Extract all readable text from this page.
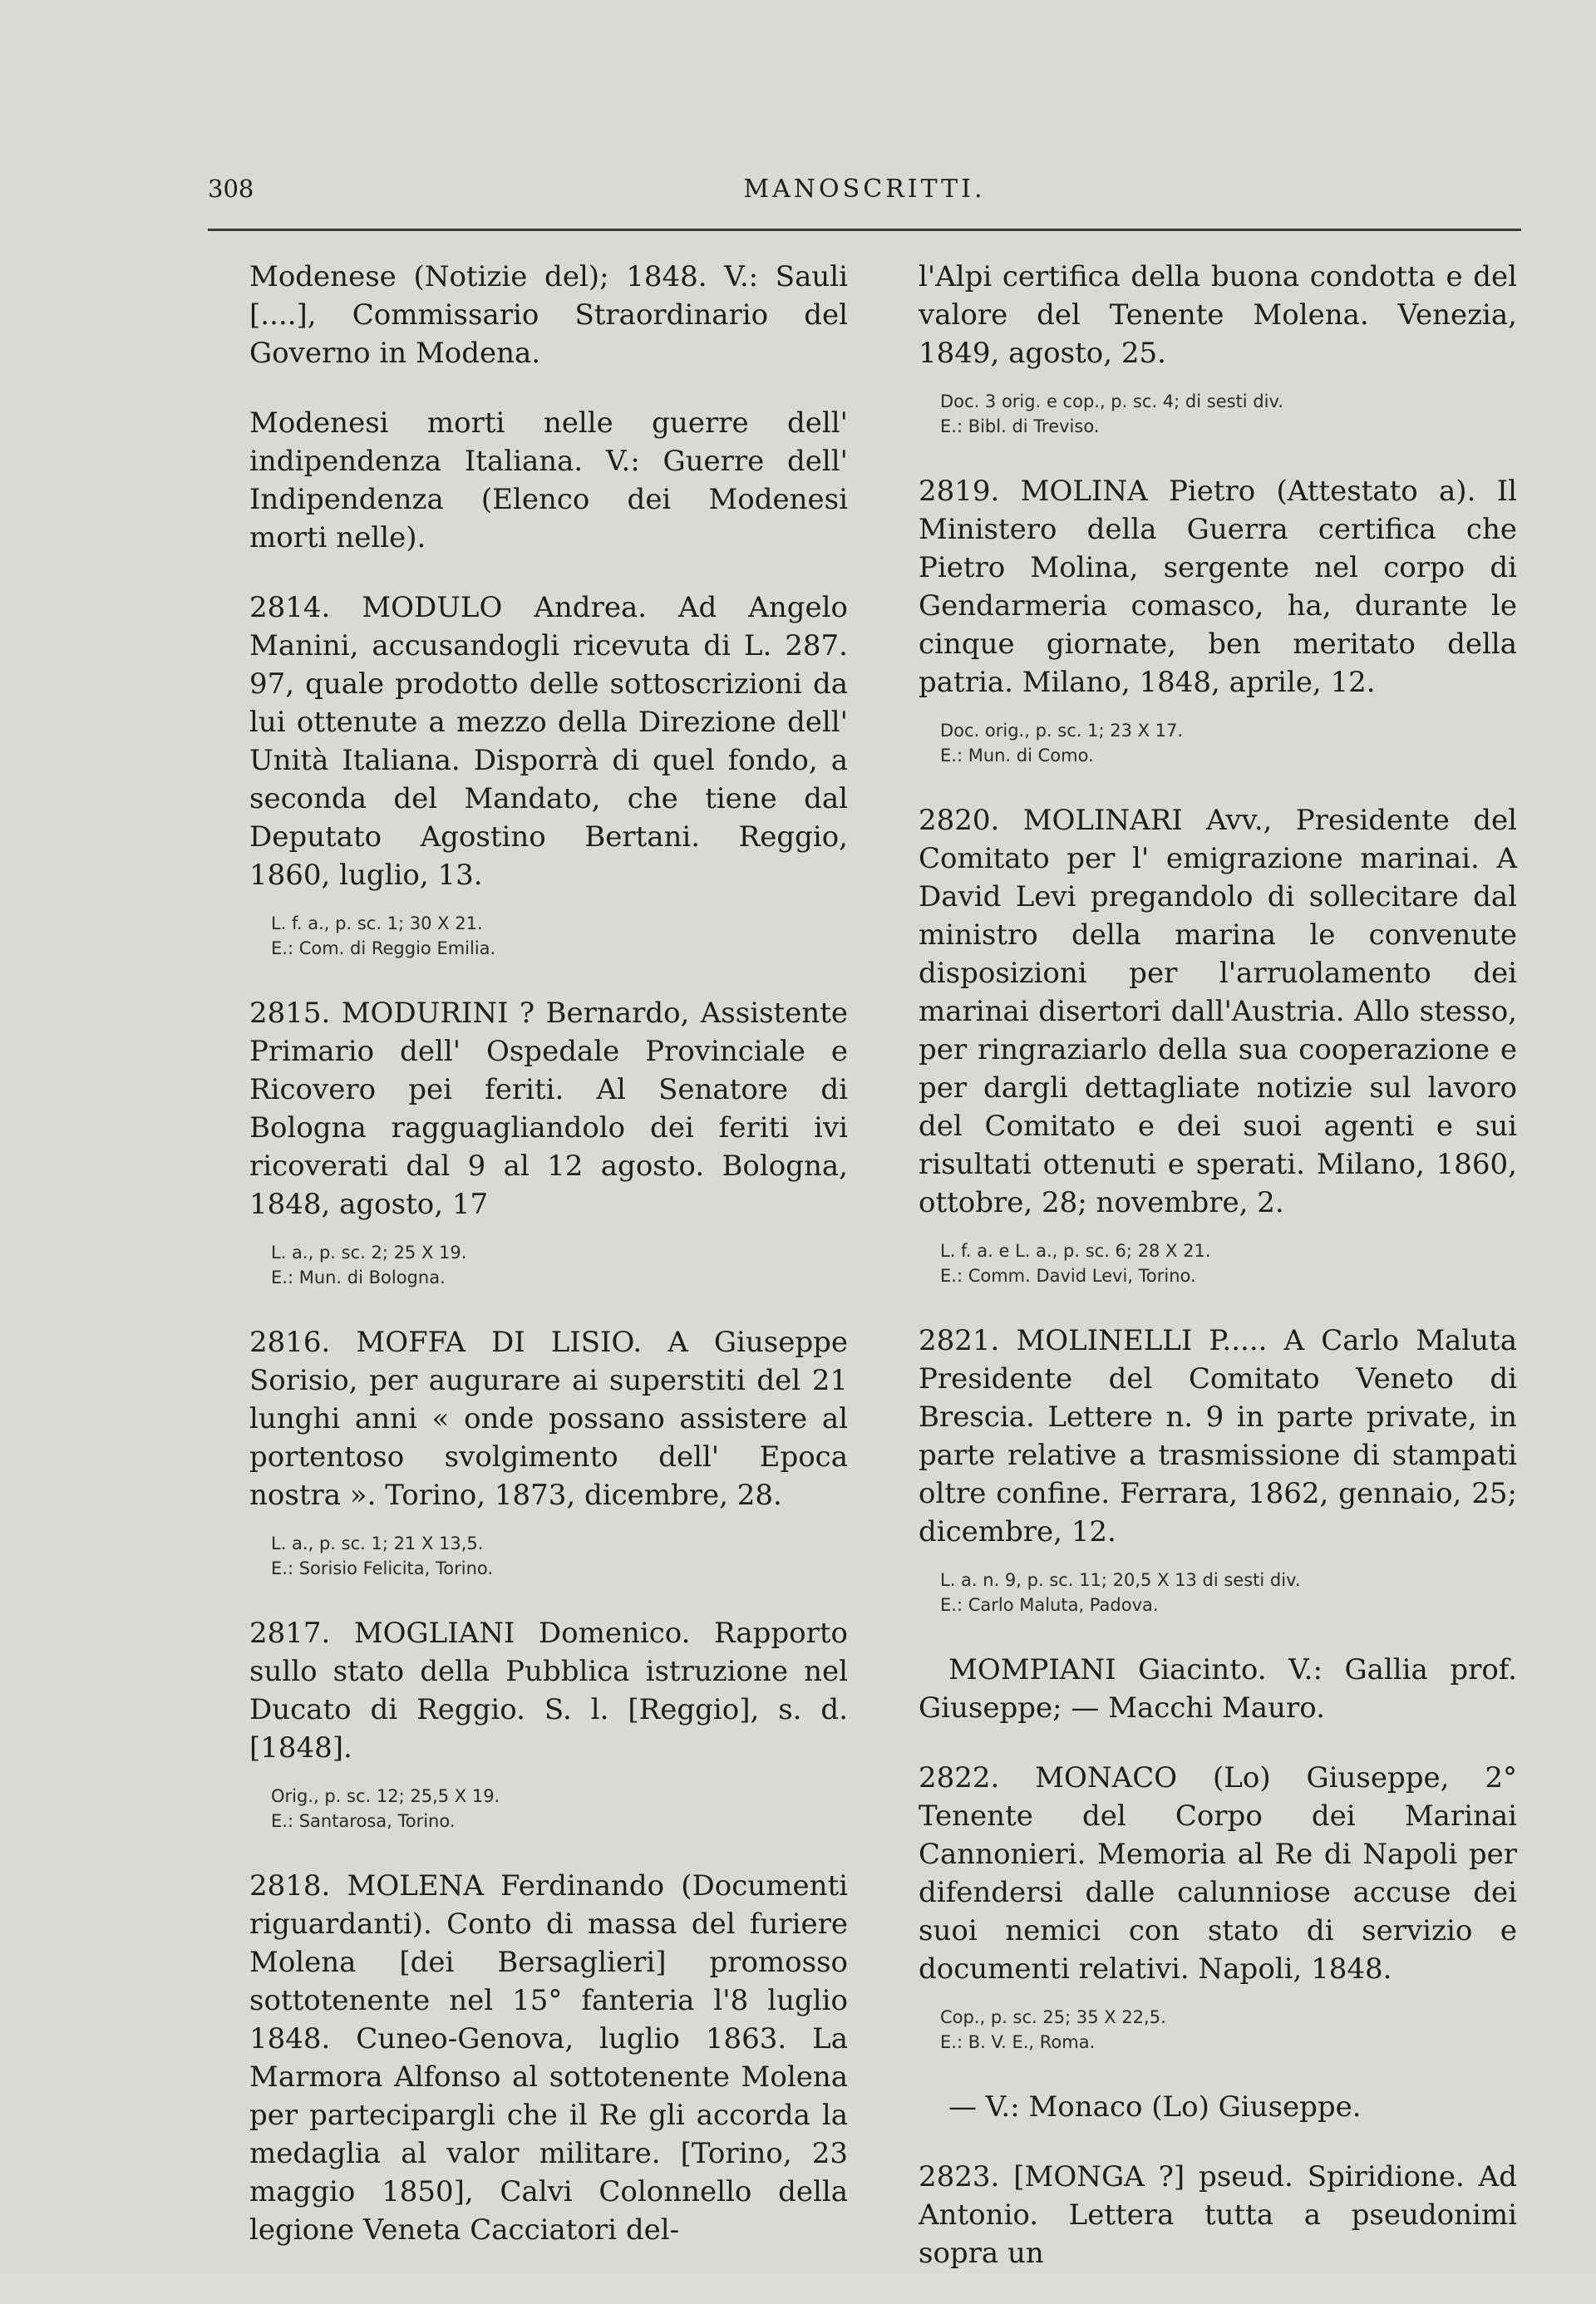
308	MANOSCRITTI.

Modenese (Notizie del); 1848. V.: Sauli [....], Commissario Straordinario del Governo in Modena.

Modenesi morti nelle guerre dell' indipendenza Italiana. V.: Guerre dell' Indipendenza (Elenco dei Modenesi morti nelle).

2814. MODULO Andrea. Ad Angelo Manini, accusandogli ricevuta di L. 287. 97, quale prodotto delle sottoscrizioni da lui ottenute a mezzo della Direzione dell' Unità Italiana. Disporrà di quel fondo, a seconda del Mandato, che tiene dal Deputato Agostino Bertani. Reggio, 1860, luglio, 13.

L. f. a., p. sc. 1; 30 X 21.
E.: Com. di Reggio Emilia.

2815. MODURINI ? Bernardo, Assistente Primario dell' Ospedale Provinciale e Ricovero pei feriti. Al Senatore di Bologna ragguagliandolo dei feriti ivi ricoverati dal 9 al 12 agosto. Bologna, 1848, agosto, 17

L. a., p. sc. 2; 25 X 19.
E.: Mun. di Bologna.

2816. MOFFA DI LISIO. A Giuseppe Sorisio, per augurare ai superstiti del 21 lunghi anni « onde possano assistere al portentoso svolgimento dell' Epoca nostra ». Torino, 1873, dicembre, 28.

L. a., p. sc. 1; 21 X 13,5.
E.: Sorisio Felicita, Torino.

2817. MOGLIANI Domenico. Rapporto sullo stato della Pubblica istruzione nel Ducato di Reggio. S. l. [Reggio], s. d. [1848].

Orig., p. sc. 12; 25,5 X 19.
E.: Santarosa, Torino.

2818. MOLENA Ferdinando (Documenti riguardanti). Conto di massa del furiere Molena [dei Bersaglieri] promosso sottotenente nel 15° fanteria l'8 luglio 1848. Cuneo-Genova, luglio 1863. La Marmora Alfonso al sottotenente Molena per partecipargli che il Re gli accorda la medaglia al valor militare. [Torino, 23 maggio 1850], Calvi Colonnello della legione Veneta Cacciatori del-

l'Alpi certifica della buona condotta e del valore del Tenente Molena. Venezia, 1849, agosto, 25.

Doc. 3 orig. e cop., p. sc. 4; di sesti div.
E.: Bibl. di Treviso.

2819. MOLINA Pietro (Attestato a). Il Ministero della Guerra certifica che Pietro Molina, sergente nel corpo di Gendarmeria comasco, ha, durante le cinque giornate, ben meritato della patria. Milano, 1848, aprile, 12.

Doc. orig., p. sc. 1; 23 X 17.
E.: Mun. di Como.

2820. MOLINARI Avv., Presidente del Comitato per l' emigrazione marinai. A David Levi pregandolo di sollecitare dal ministro della marina le convenute disposizioni per l'arruolamento dei marinai disertori dall'Austria. Allo stesso, per ringraziarlo della sua cooperazione e per dargli dettagliate notizie sul lavoro del Comitato e dei suoi agenti e sui risultati ottenuti e sperati. Milano, 1860, ottobre, 28; novembre, 2.

L. f. a. e L. a., p. sc. 6; 28 X 21.
E.: Comm. David Levi, Torino.

2821. MOLINELLI P..... A Carlo Maluta Presidente del Comitato Veneto di Brescia. Lettere n. 9 in parte private, in parte relative a trasmissione di stampati oltre confine. Ferrara, 1862, gennaio, 25; dicembre, 12.

L. a. n. 9, p. sc. 11; 20,5 X 13 di sesti div.
E.: Carlo Maluta, Padova.

MOMPIANI Giacinto. V.: Gallia prof. Giuseppe; — Macchi Mauro.

2822. MONACO (Lo) Giuseppe, 2° Tenente del Corpo dei Marinai Cannonieri. Memoria al Re di Napoli per difendersi dalle calunniose accuse dei suoi nemici con stato di servizio e documenti relativi. Napoli, 1848.

Cop., p. sc. 25; 35 X 22,5.
E.: B. V. E., Roma.

— V.: Monaco (Lo) Giuseppe.

2823. [MONGA ?] pseud. Spiridione. Ad Antonio. Lettera tutta a pseudonimi sopra un
